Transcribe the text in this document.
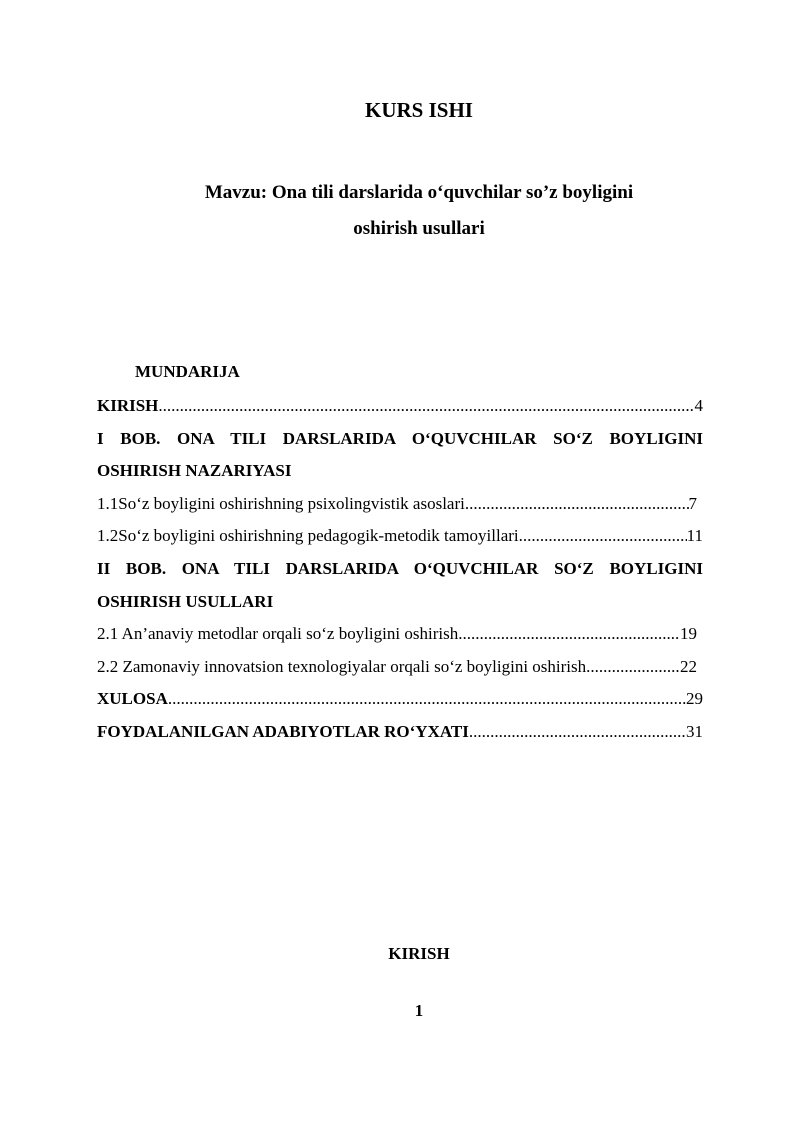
KURS ISHI
Mavzu: Ona tili darslarida o‘quvchilar so’z boyligini
oshirish usullari
MUNDARIJA
KIRISH .....	4
I BOB. ONA TILI DARSLARIDA O‘QUVCHILAR SO‘Z BOYLIGINI OSHIRISH NAZARIYASI
1.1So‘z boyligini oshirishning psixolingvistik asoslari .....	7
1.2So‘z boyligini oshirishning pedagogik-metodik tamoyillari .....	11
II BOB. ONA TILI DARSLARIDA O‘QUVCHILAR SO‘Z BOYLIGINI OSHIRISH USULLARI
2.1 An’anaviy metodlar orqali so‘z boyligini oshirish .....	19
2.2 Zamonaviy innovatsion texnologiyalar orqali so‘z boyligini oshirish .....	22
XULOSA .....	29
FOYDALANILGAN ADABIYOTLAR RO‘YXATI .....	31
KIRISH
1
